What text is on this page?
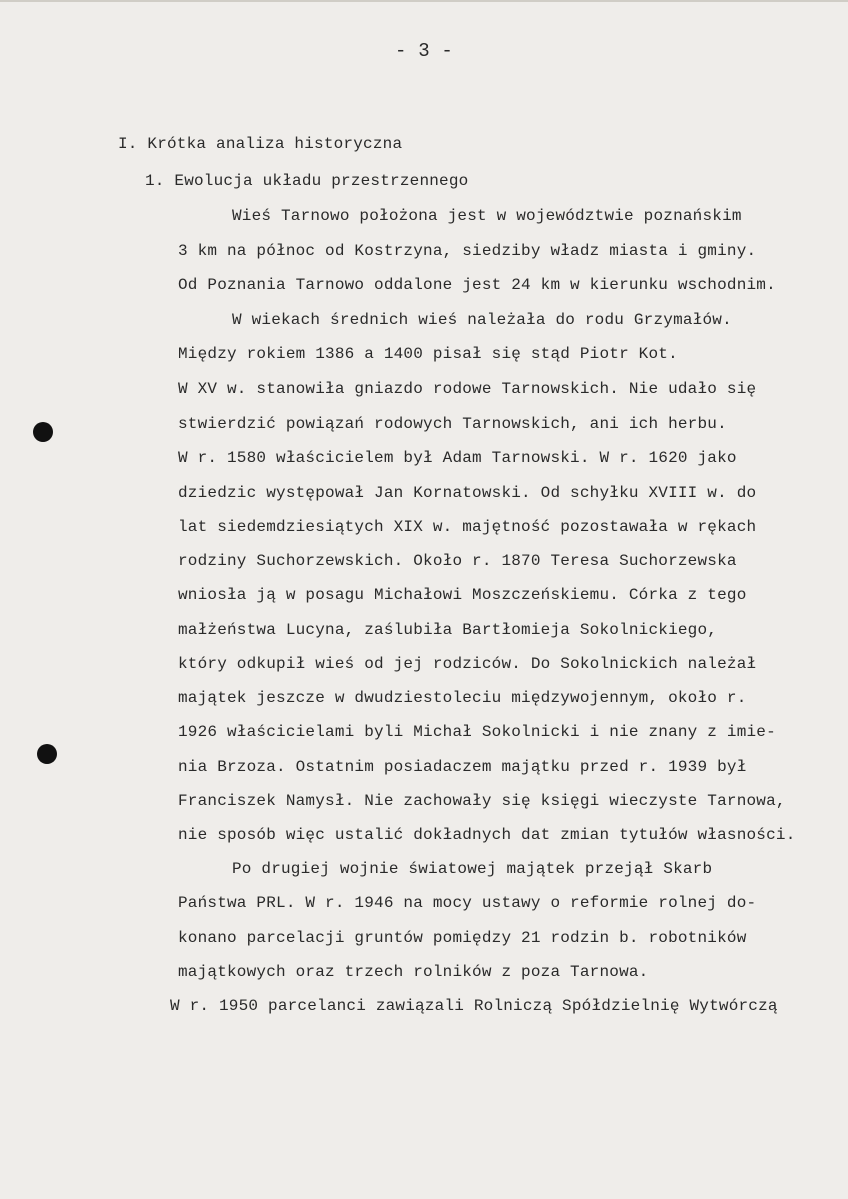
- 3 -
I. Krótka analiza historyczna
1. Ewolucja układu przestrzennego
Wieś Tarnowo położona jest w województwie poznańskim
3 km na północ od Kostrzyna, siedziby władz miasta i gminy.
Od Poznania Tarnowo oddalone jest 24 km w kierunku wschodnim.
W wiekach średnich wieś należała do rodu Grzymałów.
Między rokiem 1386 a 1400 pisał się stąd Piotr Kot.
W XV w. stanowiła gniazdo rodowe Tarnowskich. Nie udało się
stwierdzić powiązań rodowych Tarnowskich, ani ich herbu.
W r. 1580 właścicielem był Adam Tarnowski. W r. 1620 jako
dziedzic występował Jan Kornatowski. Od schyłku XVIII w. do
lat siedemdziesiątych XIX w. majętność pozostawała w rękach
rodziny Suchorzewskich. Około r. 1870 Teresa Suchorzewska
wniosła ją w posagu Michałowi Moszczeńskiemu. Córka z tego
małżeństwa Lucyna, zaślubiła Bartłomieja Sokolnickiego,
który odkupił wieś od jej rodziców. Do Sokolnickich należał
majątek jeszcze w dwudziestoleciu międzywojennym, około r.
1926 właścicielami byli Michał Sokolnicki i nie znany z imie-
nia Brzoza. Ostatnim posiadaczem majątku przed r. 1939 był
Franciszek Namysł. Nie zachowały się księgi wieczyste Tarnowa,
nie sposób więc ustalić dokładnych dat zmian tytułów własności.
Po drugiej wojnie światowej majątek przejął Skarb
Państwa PRL. W r. 1946 na mocy ustawy o reformie rolnej do-
konano parcelacji gruntów pomiędzy 21 rodzin b. robotników
majątkowych oraz trzech rolników z poza Tarnowa.
W r. 1950 parcelanci zawiązali Rolniczą Spółdzielnię Wytwórczą
